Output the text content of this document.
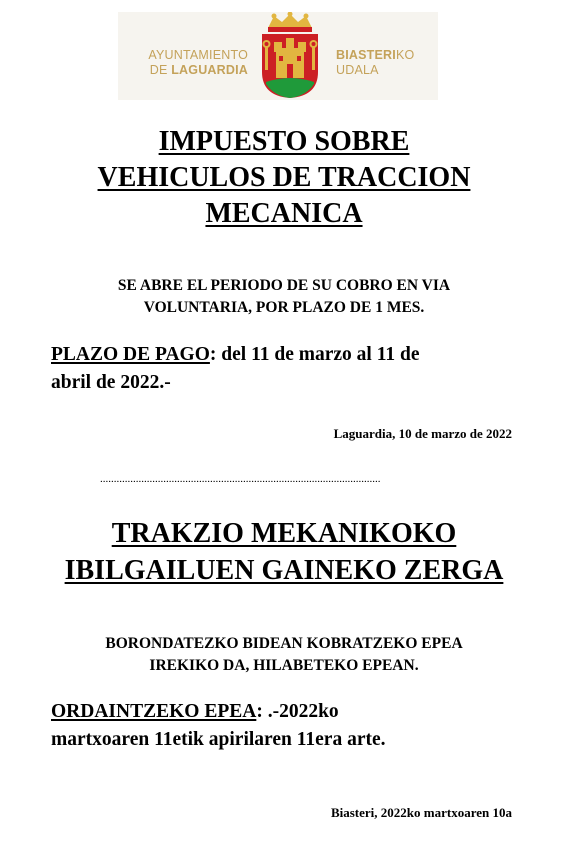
AYUNTAMIENTO
DE LAGUARDIA
BIASTERIKO
UDALA
IMPUESTO SOBRE
VEHICULOS DE TRACCION
MECANICA
SE ABRE EL PERIODO DE SU COBRO EN VIA
VOLUNTARIA, POR PLAZO DE 1 MES.
PLAZO DE PAGO: del 11 de marzo al 11 de
abril de 2022.-
Laguardia, 10 de marzo de 2022
......................................................................................................
TRAKZIO MEKANIKOKO
IBILGAILUEN GAINEKO ZERGA
BORONDATEZKO BIDEAN KOBRATZEKO EPEA
IREKIKO DA, HILABETEKO EPEAN.
ORDAINTZEKO EPEA: .-2022ko
martxoaren 11etik apirilaren 11era arte.
Biasteri, 2022ko martxoaren 10a
